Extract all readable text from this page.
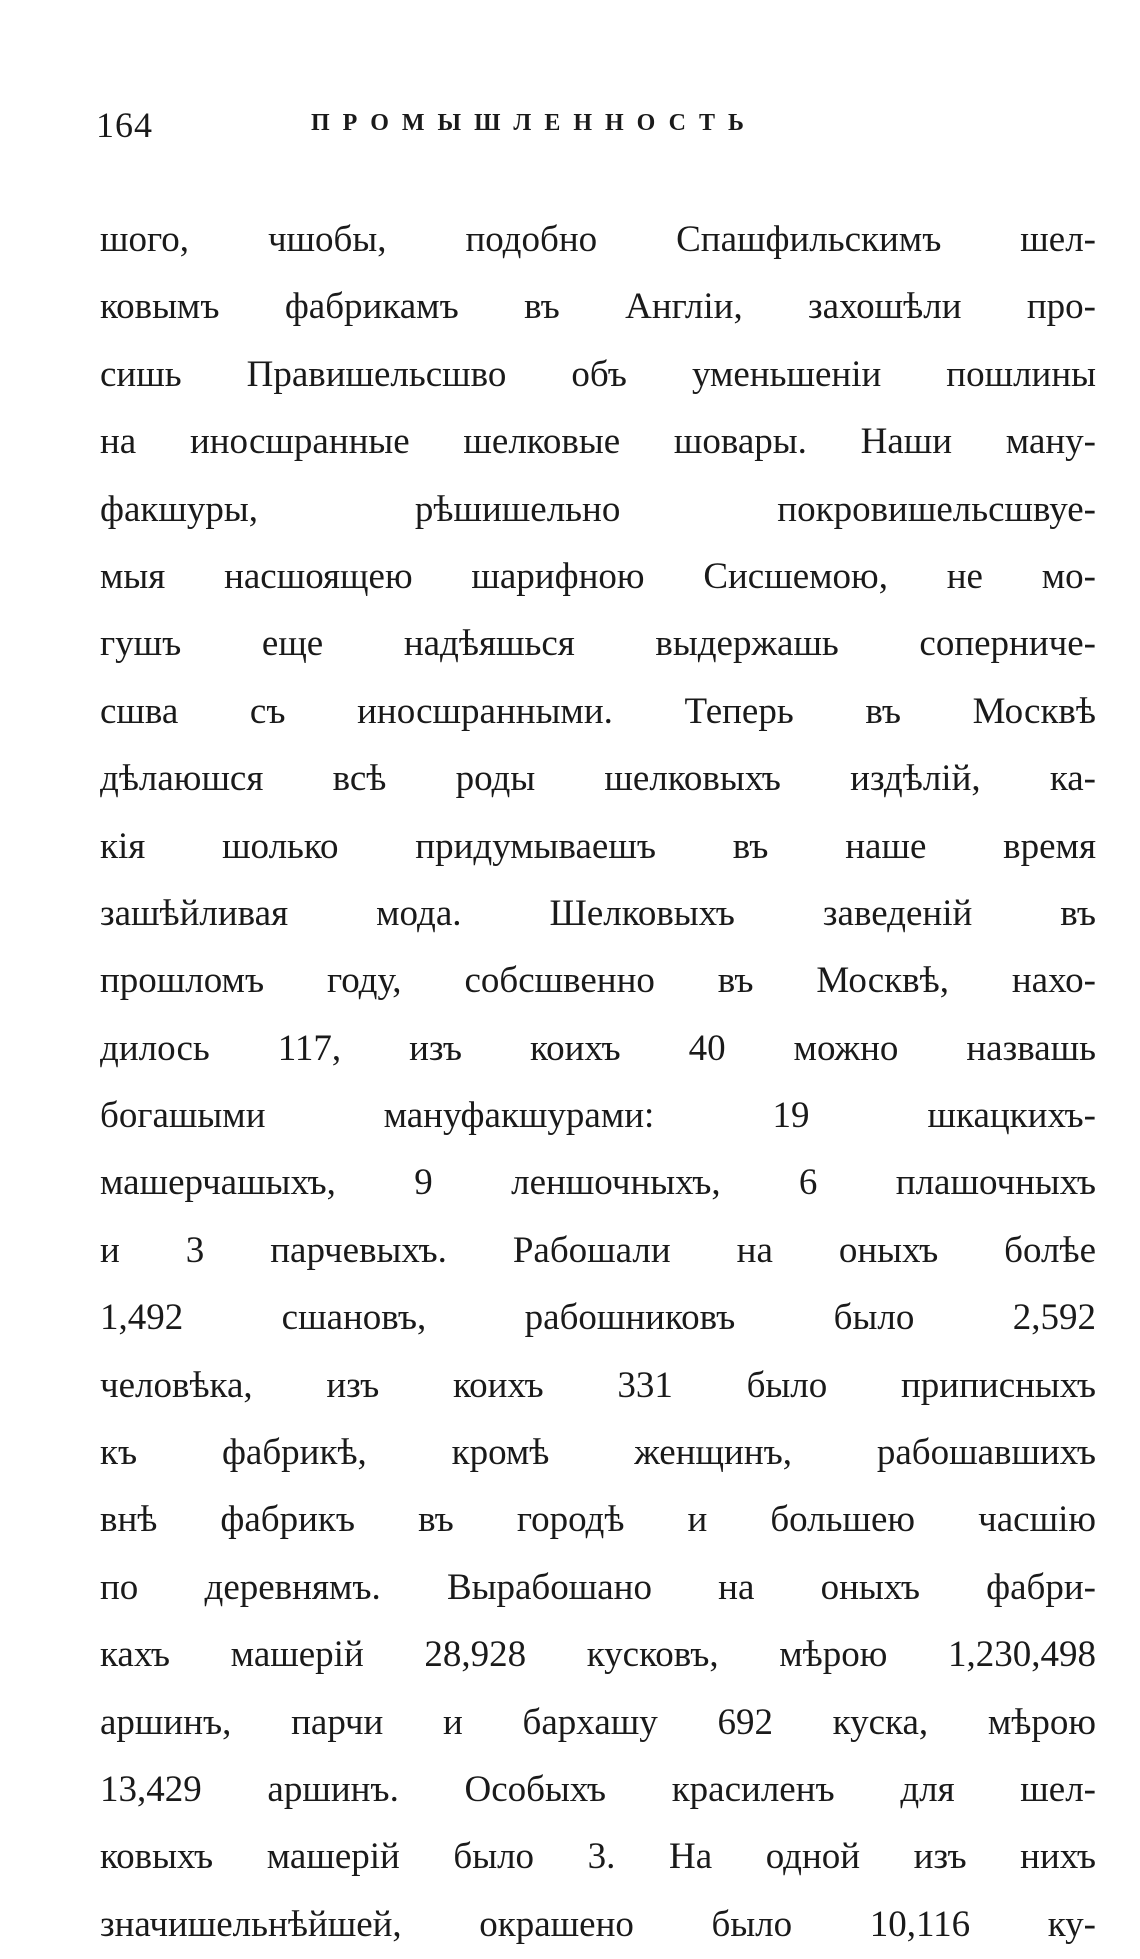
164	ПРОМЫШЛЕННОСТЬ
шого, чшобы, подобно Спашфильскимъ шел-
ковымъ фабрикамъ въ Англіи, захошѣли про-
сишь Правишельсшво объ уменьшеніи пошлины
на иносшранные шелковые шовары. Наши ману-
факшуры, рѣшишельно покровишельсшвуе-
мыя насшоящею шарифною Сисшемою, не мо-
гушъ еще надѣяшься выдержашь соперниче-
сшва съ иносшранными. Теперь въ Москвѣ
дѣлаюшся всѣ роды шелковыхъ издѣлій, ка-
кія шолько придумываешъ въ наше время
зашѣйливая мода. Шелковыхъ заведеній въ
прошломъ году, собсшвенно въ Москвѣ, нахо-
дилось 117, изъ коихъ 40 можно назвашь
богашыми мануфакшурами: 19 шкацкихъ-
машерчашыхъ, 9 леншочныхъ, 6 плашочныхъ
и 3 парчевыхъ. Рабошали на оныхъ болѣе
1,492 сшановъ, рабошниковъ было 2,592
человѣка, изъ коихъ 331 было приписныхъ
къ фабрикѣ, кромѣ женщинъ, рабошавшихъ
внѣ фабрикъ въ городѣ и большею часшію
по деревнямъ. Вырабошано на оныхъ фабри-
кахъ машерій 28,928 кусковъ, мѣрою 1,230,498
аршинъ, парчи и бархашу 692 куска, мѣрою
13,429 аршинъ. Особыхъ красиленъ для шел-
ковыхъ машерій было 3. На одной изъ нихъ
значишельнѣйшей, окрашено было 10,116 ку-
